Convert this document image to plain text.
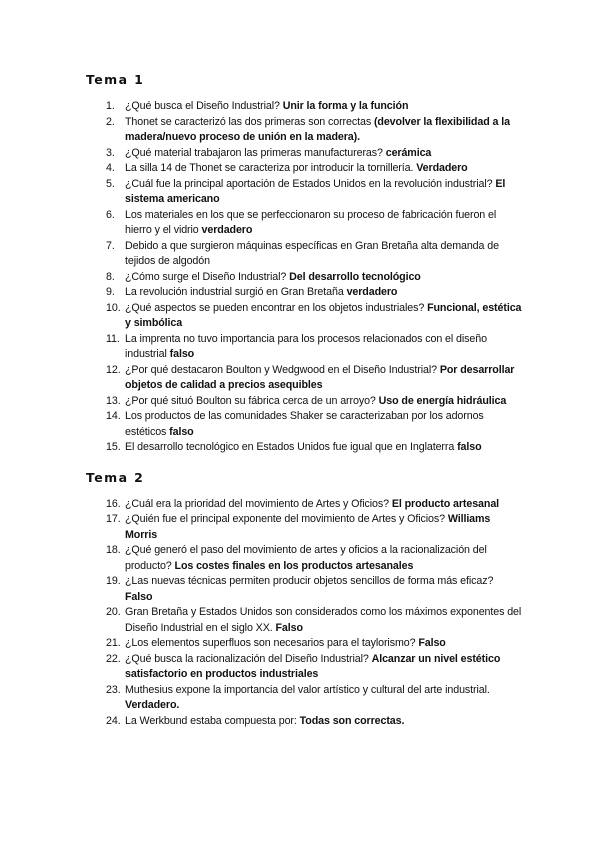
Tema 1
1. ¿Qué busca el Diseño Industrial? Unir la forma y la función
2. Thonet se caracterizó las dos primeras son correctas (devolver la flexibilidad a la madera/nuevo proceso de unión en la madera).
3. ¿Qué material trabajaron las primeras manufactureras? cerámica
4. La silla 14 de Thonet se caracteriza por introducir la tornillería. Verdadero
5. ¿Cuál fue la principal aportación de Estados Unidos en la revolución industrial? El sistema americano
6. Los materiales en los que se perfeccionaron su proceso de fabricación fueron el hierro y el vidrio verdadero
7. Debido a que surgieron máquinas específicas en Gran Bretaña alta demanda de tejidos de algodón
8. ¿Cómo surge el Diseño Industrial? Del desarrollo tecnológico
9. La revolución industrial surgió en Gran Bretaña verdadero
10. ¿Qué aspectos se pueden encontrar en los objetos industriales? Funcional, estética y simbólica
11. La imprenta no tuvo importancia para los procesos relacionados con el diseño industrial falso
12. ¿Por qué destacaron Boulton y Wedgwood en el Diseño Industrial? Por desarrollar objetos de calidad a precios asequibles
13. ¿Por qué situó Boulton su fábrica cerca de un arroyo? Uso de energía hidráulica
14. Los productos de las comunidades Shaker se caracterizaban por los adornos estéticos falso
15. El desarrollo tecnológico en Estados Unidos fue igual que en Inglaterra falso
Tema 2
16. ¿Cuál era la prioridad del movimiento de Artes y Oficios? El producto artesanal
17. ¿Quién fue el principal exponente del movimiento de Artes y Oficios? Williams Morris
18. ¿Qué generó el paso del movimiento de artes y oficios a la racionalización del producto? Los costes finales en los productos artesanales
19. ¿Las nuevas técnicas permiten producir objetos sencillos de forma más eficaz? Falso
20. Gran Bretaña y Estados Unidos son considerados como los máximos exponentes del Diseño Industrial en el siglo XX. Falso
21. ¿Los elementos superfluos son necesarios para el taylorismo? Falso
22. ¿Qué busca la racionalización del Diseño Industrial? Alcanzar un nivel estético satisfactorio en productos industriales
23. Muthesius expone la importancia del valor artístico y cultural del arte industrial. Verdadero.
24. La Werkbund estaba compuesta por: Todas son correctas.
